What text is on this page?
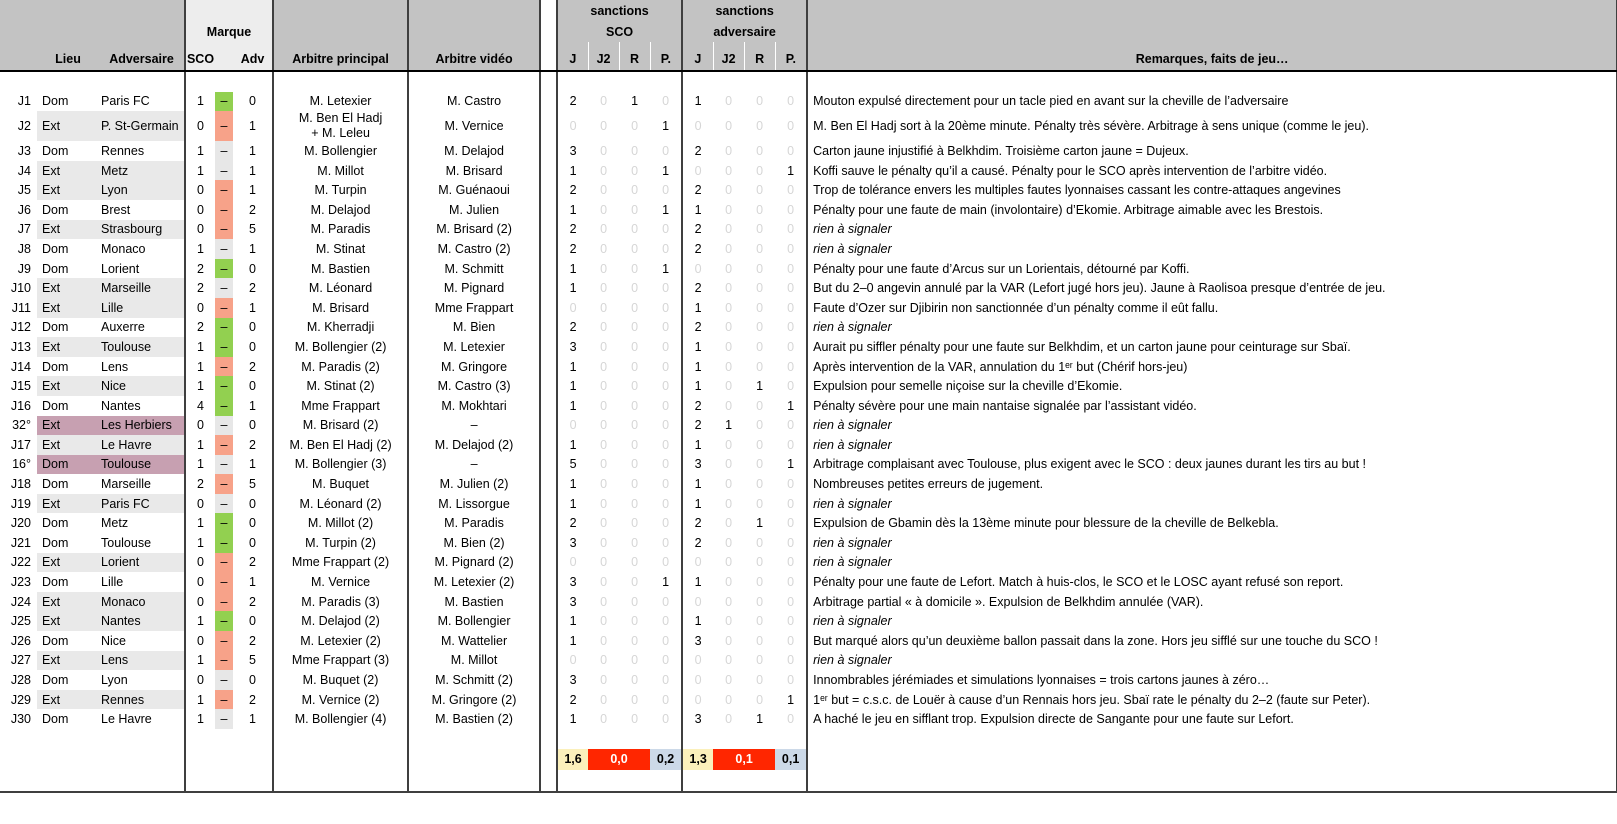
									sanctions				sanctions				
			Marque						SCO				adversaire				
	Lieu	Adversaire	SCO		Adv	Arbitre principal	Arbitre vidéo		J	J2	R	P.	J	J2	R	P.	Remarques, faits de jeu…

J1	Dom	Paris FC	1	–	0	M. Letexier	M. Castro		2	0	1	0	1	0	0	0	Mouton expulsé directement pour un tacle pied en avant sur la cheville de l’adversaire
J2	Ext	P. St-Germain	0	–	1	M. Ben El Hadj
+ M. Leleu	M. Vernice		0	0	0	1	0	0	0	0	M. Ben El Hadj sort à la 20ème minute. Pénalty très sévère. Arbitrage à sens unique (comme le jeu).
J3	Dom	Rennes	1	–	1	M. Bollengier	M. Delajod		3	0	0	0	2	0	0	0	Carton jaune injustifié à Belkhdim. Troisième carton jaune = Dujeux.
J4	Ext	Metz	1	–	1	M. Millot	M. Brisard		1	0	0	1	0	0	0	1	Koffi sauve le pénalty qu’il a causé. Pénalty pour le SCO après intervention de l’arbitre vidéo.
J5	Ext	Lyon	0	–	1	M. Turpin	M. Guénaoui		2	0	0	0	2	0	0	0	Trop de tolérance envers les multiples fautes lyonnaises cassant les contre-attaques angevines
J6	Dom	Brest	0	–	2	M. Delajod	M. Julien		1	0	0	1	1	0	0	0	Pénalty pour une faute de main (involontaire) d’Ekomie. Arbitrage aimable avec les Brestois.
J7	Ext	Strasbourg	0	–	5	M. Paradis	M. Brisard (2)		2	0	0	0	2	0	0	0	rien à signaler
J8	Dom	Monaco	1	–	1	M. Stinat	M. Castro (2)		2	0	0	0	2	0	0	0	rien à signaler
J9	Dom	Lorient	2	–	0	M. Bastien	M. Schmitt		1	0	0	1	0	0	0	0	Pénalty pour une faute d’Arcus sur un Lorientais, détourné par Koffi.
J10	Ext	Marseille	2	–	2	M. Léonard	M. Pignard		1	0	0	0	2	0	0	0	But du 2–0 angevin annulé par la VAR (Lefort jugé hors jeu). Jaune à Raolisoa presque d’entrée de jeu.
J11	Ext	Lille	0	–	1	M. Brisard	Mme Frappart		0	0	0	0	1	0	0	0	Faute d’Ozer sur Djibirin non sanctionnée d’un pénalty comme il eût fallu.
J12	Dom	Auxerre	2	–	0	M. Kherradji	M. Bien		2	0	0	0	2	0	0	0	rien à signaler
J13	Ext	Toulouse	1	–	0	M. Bollengier (2)	M. Letexier		3	0	0	0	1	0	0	0	Aurait pu siffler pénalty pour une faute sur Belkhdim, et un carton jaune pour ceinturage sur Sbaï.
J14	Dom	Lens	1	–	2	M. Paradis (2)	M. Gringore		1	0	0	0	1	0	0	0	Après intervention de la VAR, annulation du 1ᵉʳ but (Chérif hors-jeu)
J15	Ext	Nice	1	–	0	M. Stinat (2)	M. Castro (3)		1	0	0	0	1	0	1	0	Expulsion pour semelle niçoise sur la cheville d’Ekomie.
J16	Dom	Nantes	4	–	1	Mme Frappart	M. Mokhtari		1	0	0	0	2	0	0	1	Pénalty sévère pour une main nantaise signalée par l’assistant vidéo.
32°	Ext	Les Herbiers	0	–	0	M. Brisard (2)	–		0	0	0	0	2	1	0	0	rien à signaler
J17	Ext	Le Havre	1	–	2	M. Ben El Hadj (2)	M. Delajod (2)		1	0	0	0	1	0	0	0	rien à signaler
16°	Dom	Toulouse	1	–	1	M. Bollengier (3)	–		5	0	0	0	3	0	0	1	Arbitrage complaisant avec Toulouse, plus exigent avec le SCO : deux jaunes durant les tirs au but !
J18	Dom	Marseille	2	–	5	M. Buquet	M. Julien (2)		1	0	0	0	1	0	0	0	Nombreuses petites erreurs de jugement.
J19	Ext	Paris FC	0	–	0	M. Léonard (2)	M. Lissorgue		1	0	0	0	1	0	0	0	rien à signaler
J20	Dom	Metz	1	–	0	M. Millot (2)	M. Paradis		2	0	0	0	2	0	1	0	Expulsion de Gbamin dès la 13ème minute pour blessure de la cheville de Belkebla.
J21	Dom	Toulouse	1	–	0	M. Turpin (2)	M. Bien (2)		3	0	0	0	2	0	0	0	rien à signaler
J22	Ext	Lorient	0	–	2	Mme Frappart (2)	M. Pignard (2)		0	0	0	0	0	0	0	0	rien à signaler
J23	Dom	Lille	0	–	1	M. Vernice	M. Letexier (2)		3	0	0	1	1	0	0	0	Pénalty pour une faute de Lefort. Match à huis-clos, le SCO et le LOSC ayant refusé son report.
J24	Ext	Monaco	0	–	2	M. Paradis (3)	M. Bastien		3	0	0	0	0	0	0	0	Arbitrage partial « à domicile ». Expulsion de Belkhdim annulée (VAR).
J25	Ext	Nantes	1	–	0	M. Delajod (2)	M. Bollengier		1	0	0	0	1	0	0	0	rien à signaler
J26	Dom	Nice	0	–	2	M. Letexier (2)	M. Wattelier		1	0	0	0	3	0	0	0	But marqué alors qu’un deuxième ballon passait dans la zone. Hors jeu sifflé sur une touche du SCO !
J27	Ext	Lens	1	–	5	Mme Frappart (3)	M. Millot		0	0	0	0	0	0	0	0	rien à signaler
J28	Dom	Lyon	0	–	0	M. Buquet (2)	M. Schmitt (2)		3	0	0	0	0	0	0	0	Innombrables jérémiades et simulations lyonnaises = trois cartons jaunes à zéro…
J29	Ext	Rennes	1	–	2	M. Vernice (2)	M. Gringore (2)		2	0	0	0	0	0	0	1	1ᵉʳ but = c.s.c. de Louër à cause d’un Rennais hors jeu. Sbaï rate le pénalty du 2–2 (faute sur Peter).
J30	Dom	Le Havre	1	–	1	M. Bollengier (4)	M. Bastien (2)		1	0	0	0	3	0	1	0	A haché le jeu en sifflant trop. Expulsion directe de Sangante pour une faute sur Lefort.

									1,6	0,0		0,2	1,3	0,1		0,1	
